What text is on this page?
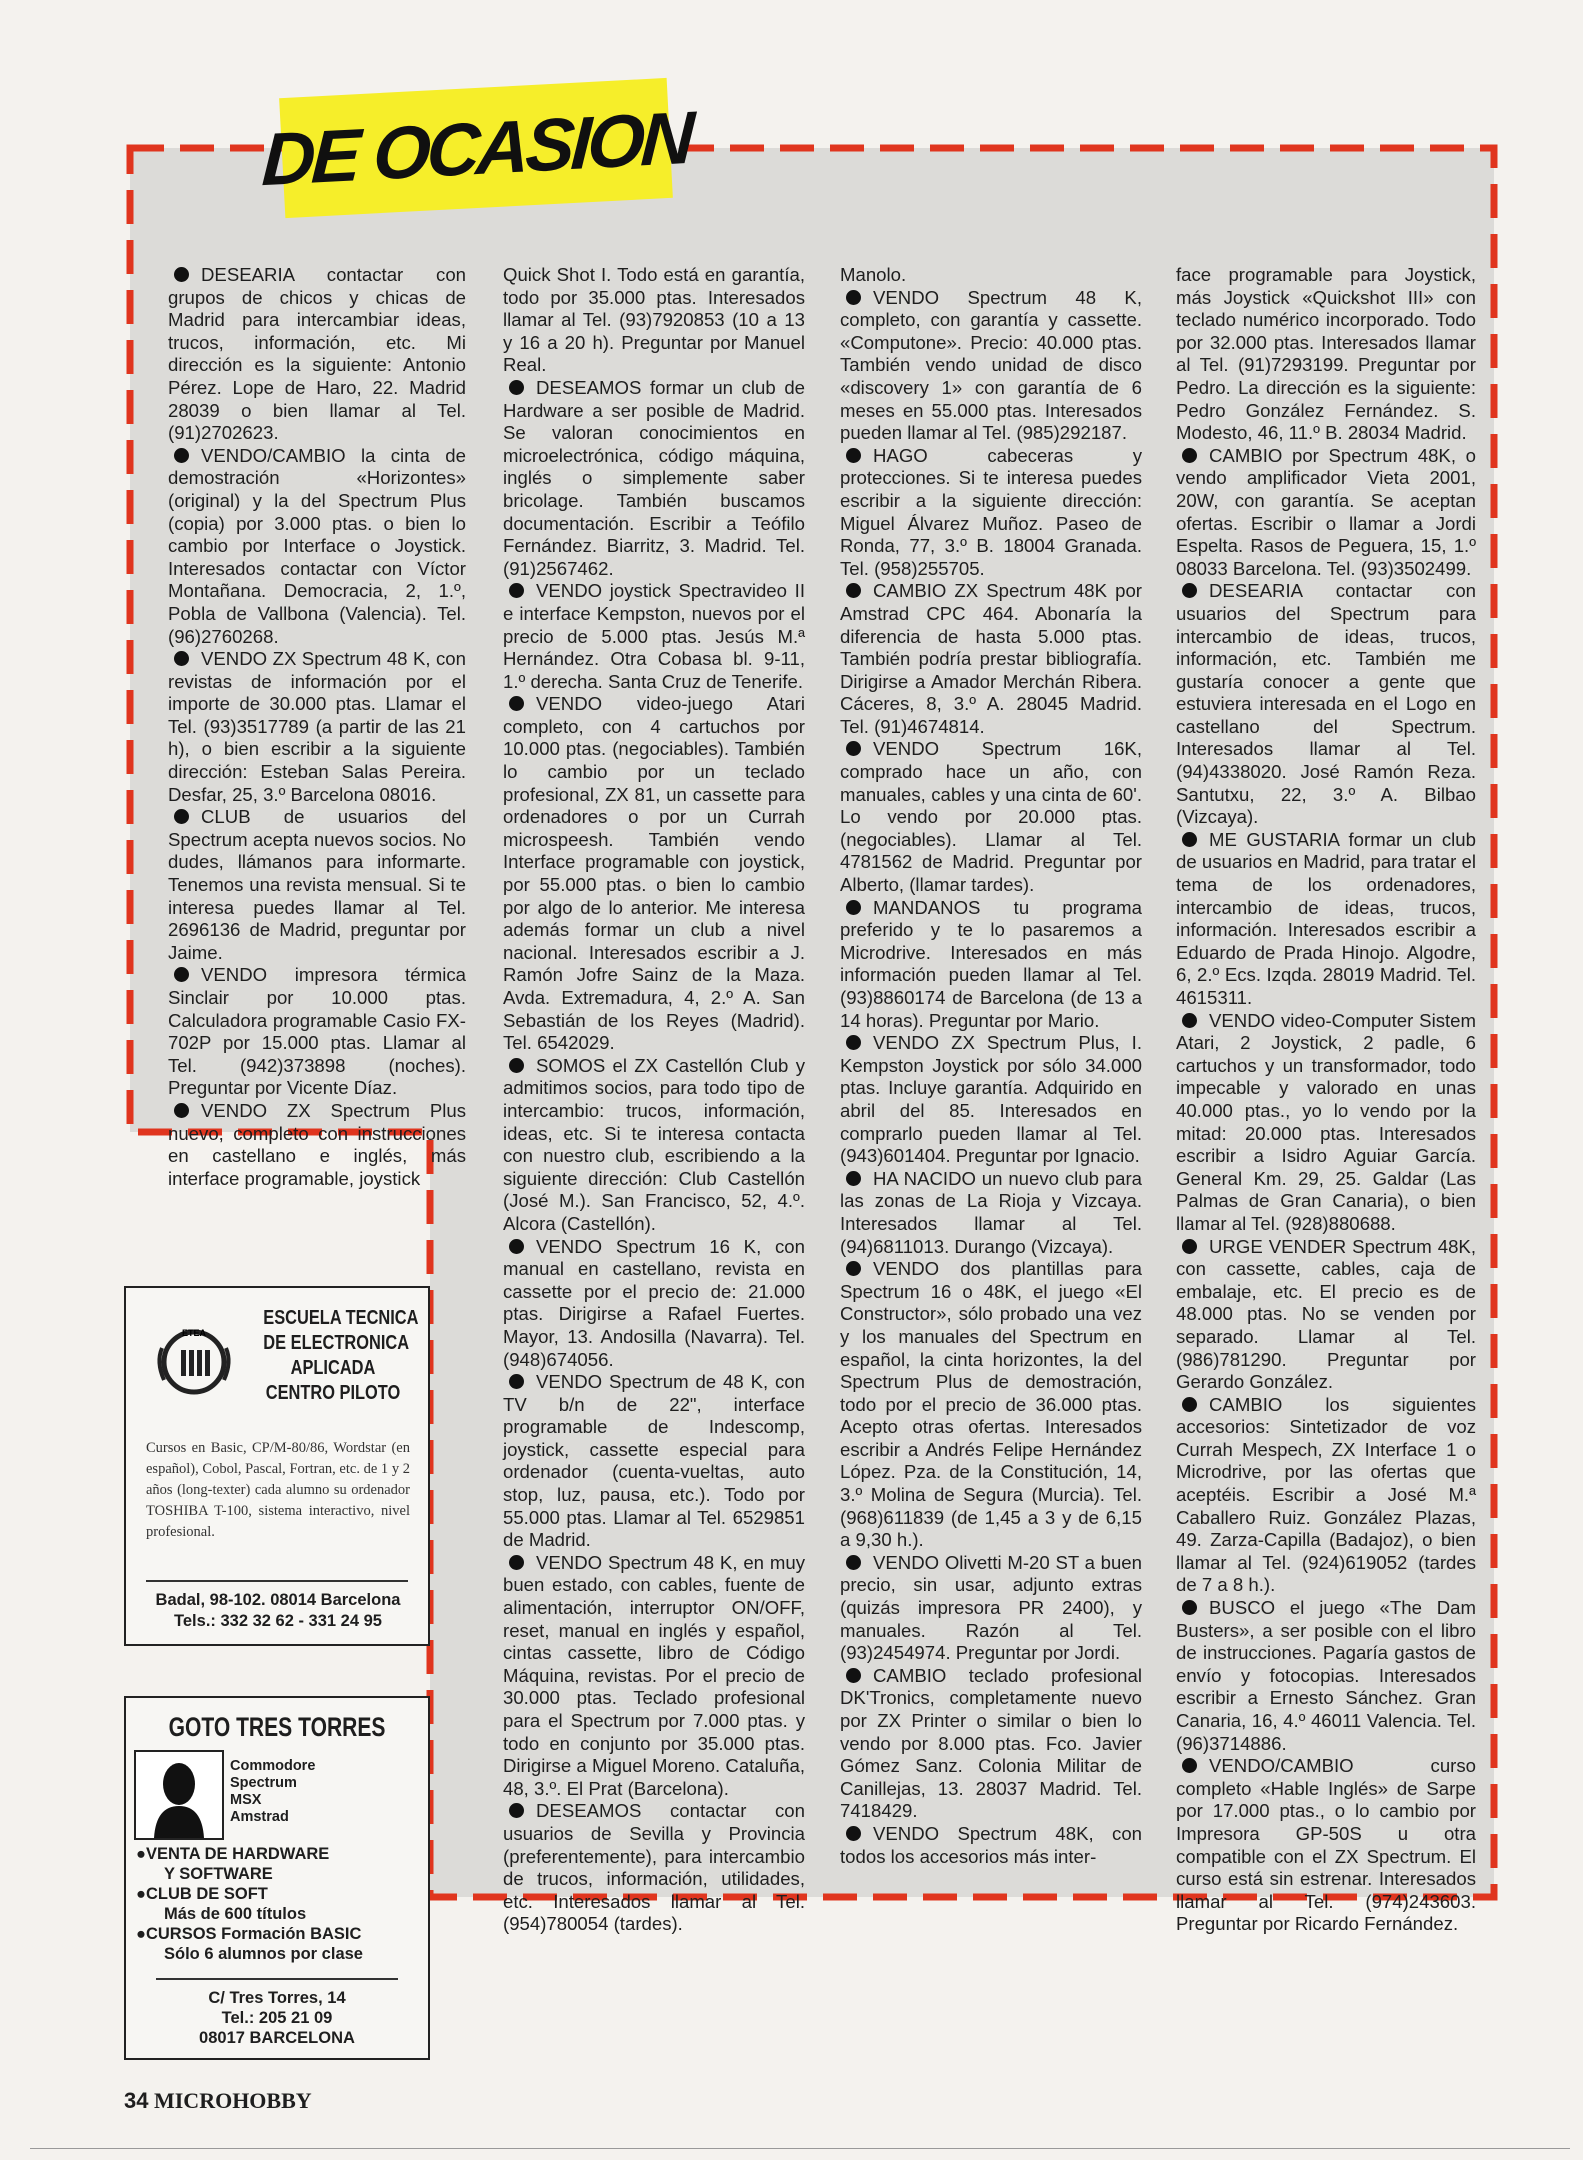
DE OCASION

DESEARIA contactar con grupos de chicos y chicas de Madrid para intercambiar ideas, trucos, información, etc. Mi dirección es la siguiente: Antonio Pérez. Lope de Haro, 22. Madrid 28039 o bien llamar al Tel.(91)2702623.

VENDO/CAMBIO la cinta de demostración «Horizontes» (original) y la del Spectrum Plus (copia) por 3.000 ptas. o bien lo cambio por Interface o Joystick. Interesados contactar con Víctor Montañana. Democracia, 2, 1.º, Pobla de Vallbona (Valencia). Tel. (96)2760268.

VENDO ZX Spectrum 48 K, con revistas de información por el importe de 30.000 ptas. Llamar el Tel. (93)3517789 (a partir de las 21 h), o bien escribir a la siguiente dirección: Esteban Salas Pereira. Desfar, 25, 3.º Barcelona 08016.

CLUB de usuarios del Spectrum acepta nuevos socios. No dudes, llámanos para informarte. Tenemos una revista mensual. Si te interesa puedes llamar al Tel. 2696136 de Madrid, preguntar por Jaime.

VENDO impresora térmica Sinclair por 10.000 ptas. Calculadora programable Casio FX-702P por 15.000 ptas. Llamar al Tel. (942)373898 (noches). Preguntar por Vicente Díaz.

VENDO ZX Spectrum Plus nuevo, completo con instrucciones en castellano e inglés, más interface programable, joystick

Quick Shot I. Todo está en garantía, todo por 35.000 ptas. Interesados llamar al Tel. (93)7920853 (10 a 13 y 16 a 20 h). Preguntar por Manuel Real.

DESEAMOS formar un club de Hardware a ser posible de Madrid. Se valoran conocimientos en microelectrónica, código máquina, inglés o simplemente saber bricolage. También buscamos documentación. Escribir a Teófilo Fernández. Biarritz, 3. Madrid. Tel. (91)2567462.

VENDO joystick Spectravideo II e interface Kempston, nuevos por el precio de 5.000 ptas. Jesús M.ª Hernández. Otra Cobasa bl. 9-11, 1.º derecha. Santa Cruz de Tenerife.

VENDO video-juego Atari completo, con 4 cartuchos por 10.000 ptas. (negociables). También lo cambio por un teclado profesional, ZX 81, un cassette para ordenadores o por un Currah microspeesh. También vendo Interface programable con joystick, por 55.000 ptas. o bien lo cambio por algo de lo anterior. Me interesa además formar un club a nivel nacional. Interesados escribir a J. Ramón Jofre Sainz de la Maza. Avda. Extremadura, 4, 2.º A. San Sebastián de los Reyes (Madrid). Tel. 6542029.

SOMOS el ZX Castellón Club y admitimos socios, para todo tipo de intercambio: trucos, información, ideas, etc. Si te interesa contacta con nuestro club, escribiendo a la siguiente dirección: Club Castellón (José M.). San Francisco, 52, 4.º. Alcora (Castellón).

VENDO Spectrum 16 K, con manual en castellano, revista en cassette por el precio de: 21.000 ptas. Dirigirse a Rafael Fuertes. Mayor, 13. Andosilla (Navarra). Tel. (948)674056.

VENDO Spectrum de 48 K, con TV b/n de 22", interface programable de Indescomp, joystick, cassette especial para ordenador (cuenta-vueltas, auto stop, luz, pausa, etc.). Todo por 55.000 ptas. Llamar al Tel. 6529851 de Madrid.

VENDO Spectrum 48 K, en muy buen estado, con cables, fuente de alimentación, interruptor ON/OFF, reset, manual en inglés y español, cintas cassette, libro de Código Máquina, revistas. Por el precio de 30.000 ptas. Teclado profesional para el Spectrum por 7.000 ptas. y todo en conjunto por 35.000 ptas. Dirigirse a Miguel Moreno. Cataluña, 48, 3.º. El Prat (Barcelona).

DESEAMOS contactar con usuarios de Sevilla y Provincia (preferentemente), para intercambio de trucos, información, utilidades, etc. Interesados llamar al Tel. (954)780054 (tardes).

Manolo.

VENDO Spectrum 48 K, completo, con garantía y cassette. «Computone». Precio: 40.000 ptas. También vendo unidad de disco «discovery 1» con garantía de 6 meses en 55.000 ptas. Interesados pueden llamar al Tel. (985)292187.

HAGO cabeceras y protecciones. Si te interesa puedes escribir a la siguiente dirección: Miguel Álvarez Muñoz. Paseo de Ronda, 77, 3.º B. 18004 Granada. Tel. (958)255705.

CAMBIO ZX Spectrum 48K por Amstrad CPC 464. Abonaría la diferencia de hasta 5.000 ptas. También podría prestar bibliografía. Dirigirse a Amador Merchán Ribera. Cáceres, 8, 3.º A. 28045 Madrid. Tel. (91)4674814.

VENDO Spectrum 16K, comprado hace un año, con manuales, cables y una cinta de 60'. Lo vendo por 20.000 ptas. (negociables). Llamar al Tel. 4781562 de Madrid. Preguntar por Alberto, (llamar tardes).

MANDANOS tu programa preferido y te lo pasaremos a Microdrive. Interesados en más información pueden llamar al Tel. (93)8860174 de Barcelona (de 13 a 14 horas). Preguntar por Mario.

VENDO ZX Spectrum Plus, I. Kempston Joystick por sólo 34.000 ptas. Incluye garantía. Adquirido en abril del 85. Interesados en comprarlo pueden llamar al Tel. (943)601404. Preguntar por Ignacio.

HA NACIDO un nuevo club para las zonas de La Rioja y Vizcaya. Interesados llamar al Tel. (94)6811013. Durango (Vizcaya).

VENDO dos plantillas para Spectrum 16 o 48K, el juego «El Constructor», sólo probado una vez y los manuales del Spectrum en español, la cinta horizontes, la del Spectrum Plus de demostración, todo por el precio de 36.000 ptas. Acepto otras ofertas. Interesados escribir a Andrés Felipe Hernández López. Pza. de la Constitución, 14, 3.º Molina de Segura (Murcia). Tel. (968)611839 (de 1,45 a 3 y de 6,15 a 9,30 h.).

VENDO Olivetti M-20 ST a buen precio, sin usar, adjunto extras (quizás impresora PR 2400), y manuales. Razón al Tel. (93)2454974. Preguntar por Jordi.

CAMBIO teclado profesional DK'Tronics, completamente nuevo por ZX Printer o similar o bien lo vendo por 8.000 ptas. Fco. Javier Gómez Sanz. Colonia Militar de Canillejas, 13. 28037 Madrid. Tel. 7418429.

VENDO Spectrum 48K, con todos los accesorios más inter-

face programable para Joystick, más Joystick «Quickshot III» con teclado numérico incorporado. Todo por 32.000 ptas. Interesados llamar al Tel. (91)7293199. Preguntar por Pedro. La dirección es la siguiente: Pedro González Fernández. S. Modesto, 46, 11.º B. 28034 Madrid.

CAMBIO por Spectrum 48K, o vendo amplificador Vieta 2001, 20W, con garantía. Se aceptan ofertas. Escribir o llamar a Jordi Espelta. Rasos de Peguera, 15, 1.º 08033 Barcelona. Tel. (93)3502499.

DESEARIA contactar con usuarios del Spectrum para intercambio de ideas, trucos, información, etc. También me gustaría conocer a gente que estuviera interesada en el Logo en castellano del Spectrum. Interesados llamar al Tel. (94)4338020. José Ramón Reza. Santutxu, 22, 3.º A. Bilbao (Vizcaya).

ME GUSTARIA formar un club de usuarios en Madrid, para tratar el tema de los ordenadores, intercambio de ideas, trucos, información. Interesados escribir a Eduardo de Prada Hinojo. Algodre, 6, 2.º Ecs. Izqda. 28019 Madrid. Tel. 4615311.

VENDO video-Computer Sistem Atari, 2 Joystick, 2 padle, 6 cartuchos y un transformador, todo impecable y valorado en unas 40.000 ptas., yo lo vendo por la mitad: 20.000 ptas. Interesados escribir a Isidro Aguiar García. General Km. 29, 25. Galdar (Las Palmas de Gran Canaria), o bien llamar al Tel. (928)880688.

URGE VENDER Spectrum 48K, con cassette, cables, caja de embalaje, etc. El precio es de 48.000 ptas. No se venden por separado. Llamar al Tel.(986)781290. Preguntar por Gerardo González.

CAMBIO los siguientes accesorios: Sintetizador de voz Currah Mespech, ZX Interface 1 o Microdrive, por las ofertas que aceptéis. Escribir a José M.ª Caballero Ruiz. González Plazas, 49. Zarza-Capilla (Badajoz), o bien llamar al Tel. (924)619052 (tardes de 7 a 8 h.).

BUSCO el juego «The Dam Busters», a ser posible con el libro de instrucciones. Pagaría gastos de envío y fotocopias. Interesados escribir a Ernesto Sánchez. Gran Canaria, 16, 4.º 46011 Valencia. Tel. (96)3714886.

VENDO/CAMBIO curso completo «Hable Inglés» de Sarpe por 17.000 ptas., o lo cambio por Impresora GP-50S u otra compatible con el ZX Spectrum. El curso está sin estrenar. Interesados llamar al Tel. (974)243603. Preguntar por Ricardo Fernández.

ETEA
ESCUELA TECNICA
DE ELECTRONICA
APLICADA
CENTRO PILOTO
Cursos en Basic, CP/M-80/86, Wordstar (en español), Cobol, Pascal, Fortran, etc. de 1 y 2 años (long-texter) cada alumno su ordenador TOSHIBA T-100, sistema interactivo, nivel profesional.
Badal, 98-102. 08014 Barcelona
Tels.: 332 32 62 - 331 24 95
GOTO TRES TORRES
Commodore
Spectrum
MSX
Amstrad
●VENTA DE HARDWARE
Y SOFTWARE
●CLUB DE SOFT
Más de 600 títulos
●CURSOS Formación BASIC
Sólo 6 alumnos por clase
C/ Tres Torres, 14
Tel.: 205 21 09
08017 BARCELONA
34 MICROHOBBY
